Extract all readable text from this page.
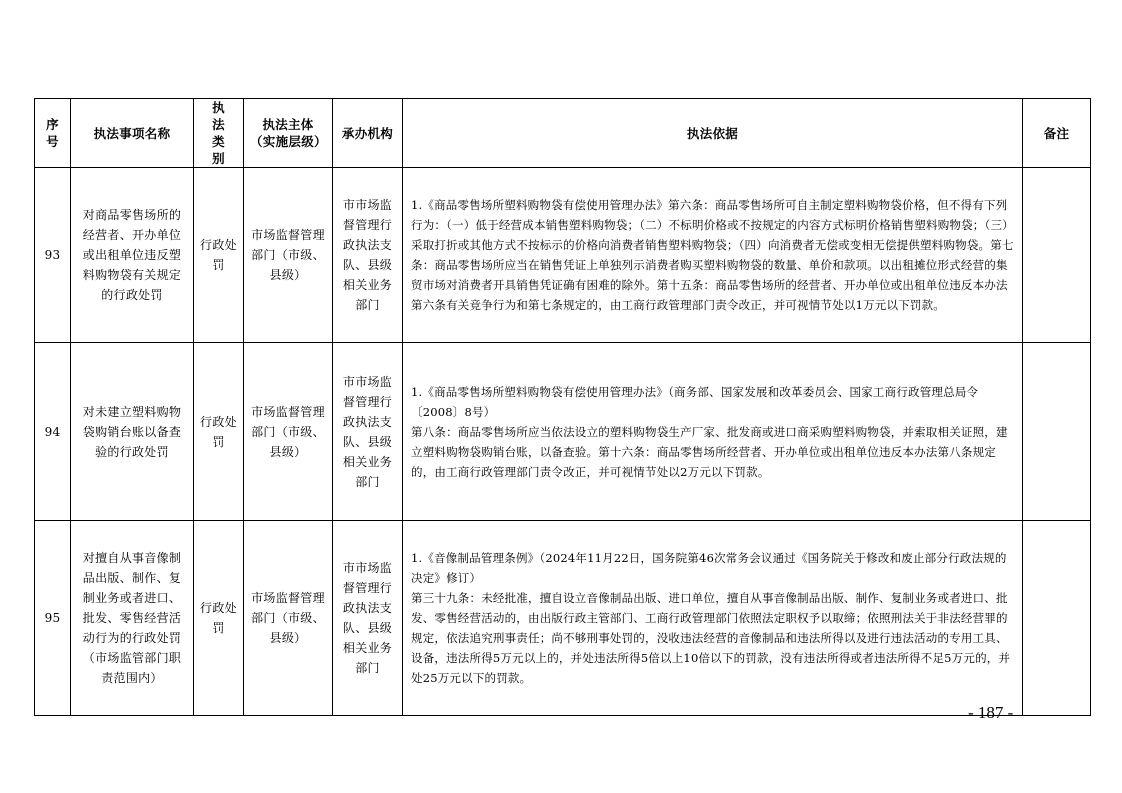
序号	执法事项名称	执法类别	执法主体（实施层级）	承办机构	执法依据	备注
93	对商品零售场所的经营者、开办单位或出租单位违反塑料购物袋有关规定的行政处罚	行政处罚	市场监督管理部门（市级、县级）	市市场监督管理行政执法支队、县级相关业务部门	1.《商品零售场所塑料购物袋有偿使用管理办法》第六条：商品零售场所可自主制定塑料购物袋价格，但不得有下列行为：（一）低于经营成本销售塑料购物袋；（二）不标明价格或不按规定的内容方式标明价格销售塑料购物袋；（三）采取打折或其他方式不按标示的价格向消费者销售塑料购物袋；（四）向消费者无偿或变相无偿提供塑料购物袋。第七条：商品零售场所应当在销售凭证上单独列示消费者购买塑料购物袋的数量、单价和款项。以出租摊位形式经营的集贸市场对消费者开具销售凭证确有困难的除外。第十五条：商品零售场所的经营者、开办单位或出租单位违反本办法第六条有关竞争行为和第七条规定的，由工商行政管理部门责令改正，并可视情节处以1万元以下罚款。	

94	对未建立塑料购物袋购销台账以备查验的行政处罚	行政处罚	市场监督管理部门（市级、县级）	市市场监督管理行政执法支队、县级相关业务部门	1.《商品零售场所塑料购物袋有偿使用管理办法》（商务部、国家发展和改革委员会、国家工商行政管理总局令〔2008〕8号）

第八条：商品零售场所应当依法设立的塑料购物袋生产厂家、批发商或进口商采购塑料购物袋，并索取相关证照，建立塑料购物袋购销台账，以备查验。第十六条：商品零售场所经营者、开办单位或出租单位违反本办法第八条规定的，由工商行政管理部门责令改正，并可视情节处以2万元以下罚款。	

95	对擅自从事音像制品出版、制作、复制业务或者进口、批发、零售经营活动行为的行政处罚（市场监管部门职责范围内）	行政处罚	市场监督管理部门（市级、县级）	市市场监督管理行政执法支队、县级相关业务部门	1.《音像制品管理条例》（2024年11月22日，国务院第46次常务会议通过《国务院关于修改和废止部分行政法规的决定》修订）

第三十九条：未经批准，擅自设立音像制品出版、进口单位，擅自从事音像制品出版、制作、复制业务或者进口、批发、零售经营活动的，由出版行政主管部门、工商行政管理部门依照法定职权予以取缔；依照刑法关于非法经营罪的规定，依法追究刑事责任；尚不够刑事处罚的，没收违法经营的音像制品和违法所得以及进行违法活动的专用工具、设备，违法所得5万元以上的，并处违法所得5倍以上10倍以下的罚款，没有违法所得或者违法所得不足5万元的，并处25万元以下的罚款。	

- 187 -
